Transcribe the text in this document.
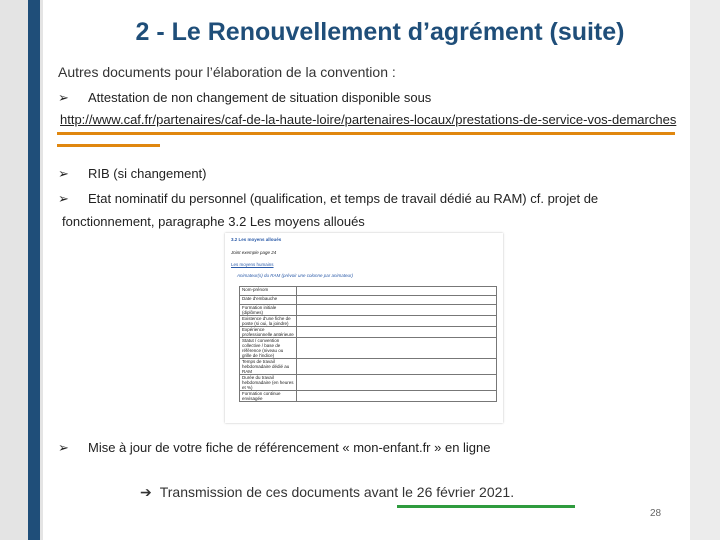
2 - Le Renouvellement d’agrément (suite)
Autres documents pour l’élaboration de la convention :
➢ Attestation de non changement de situation disponible sous
http://www.caf.fr/partenaires/caf-de-la-haute-loire/partenaires-locaux/prestations-de-service-vos-demarches
➢ RIB (si changement)
➢ Etat nominatif du personnel (qualification, et temps de travail dédié au RAM) cf. projet de
fonctionnement, paragraphe 3.2 Les moyens alloués
3.2 Les moyens alloués
Joint exemple page 24
Les moyens humains
Animateur(s) du RAM (prévoir une colonne par animateur)
Nom-prénom	
Date d'embauche	
Formation initiale (diplômes)	
Existence d'une fiche de poste (si oui, la joindre)	
Expérience professionnelle antérieure	
Statut / convention collective / base de référence (niveau ou grille de l'indice)	
Temps de travail hebdomadaire dédié au RAM	
Durée du travail hebdomadaire (en heures et %)	
Formation continue envisagée	
➢ Mise à jour de votre fiche de référencement « mon-enfant.fr » en ligne
➔ Transmission de ces documents avant le 26 février 2021.
28
